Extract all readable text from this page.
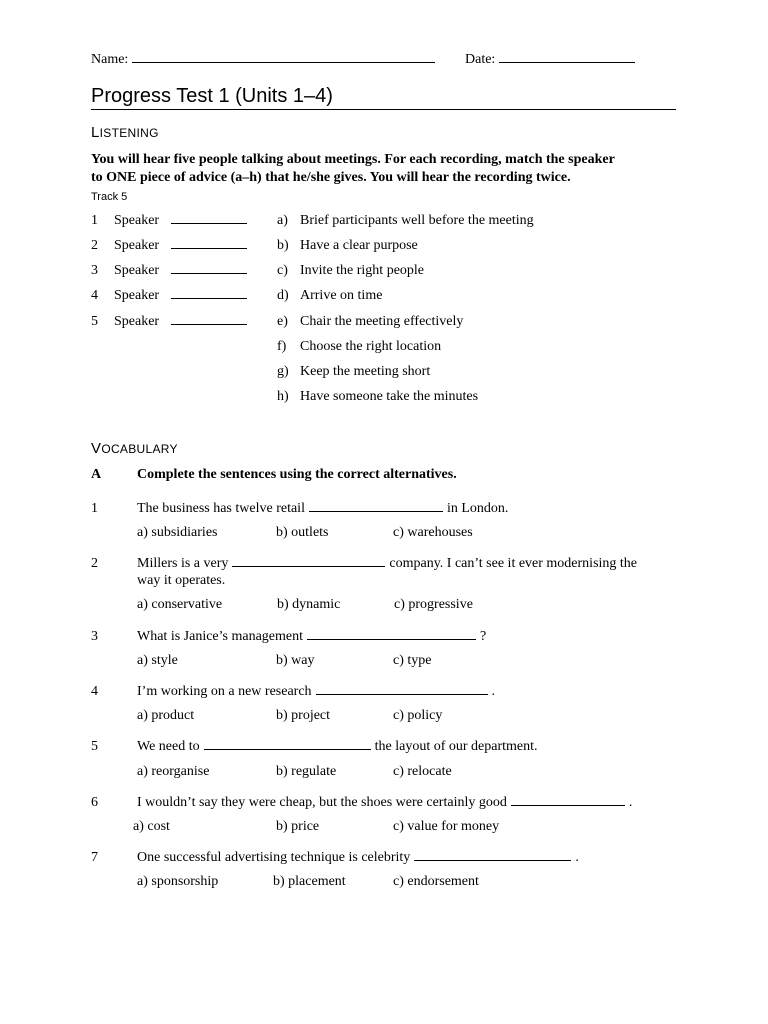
Name:	Date:
Progress Test 1 (Units 1–4)
LISTENING
You will hear five people talking about meetings. For each recording, match the speaker
to ONE piece of advice (a–h) that he/she gives. You will hear the recording twice.
Track 5
1 Speaker
2 Speaker
3 Speaker
4 Speaker
5 Speaker
a) Brief participants well before the meeting
b) Have a clear purpose
c) Invite the right people
d) Arrive on time
e) Chair the meeting effectively
f) Choose the right location
g) Keep the meeting short
h) Have someone take the minutes
VOCABULARY
A	Complete the sentences using the correct alternatives.
1	The business has twelve retail	in London.
a) subsidiaries	b) outlets	c) warehouses
2	Millers is a very	company. I can’t see it ever modernising the
way it operates.
a) conservative	b) dynamic	c) progressive
3	What is Janice’s management	?
a) style	b) way	c) type
4	I’m working on a new research	.
a) product	b) project	c) policy
5	We need to	the layout of our department.
a) reorganise	b) regulate	c) relocate
6	I wouldn’t say they were cheap, but the shoes were certainly good	.
a) cost	b) price	c) value for money
7	One successful advertising technique is celebrity	.
a) sponsorship	b) placement	c) endorsement
